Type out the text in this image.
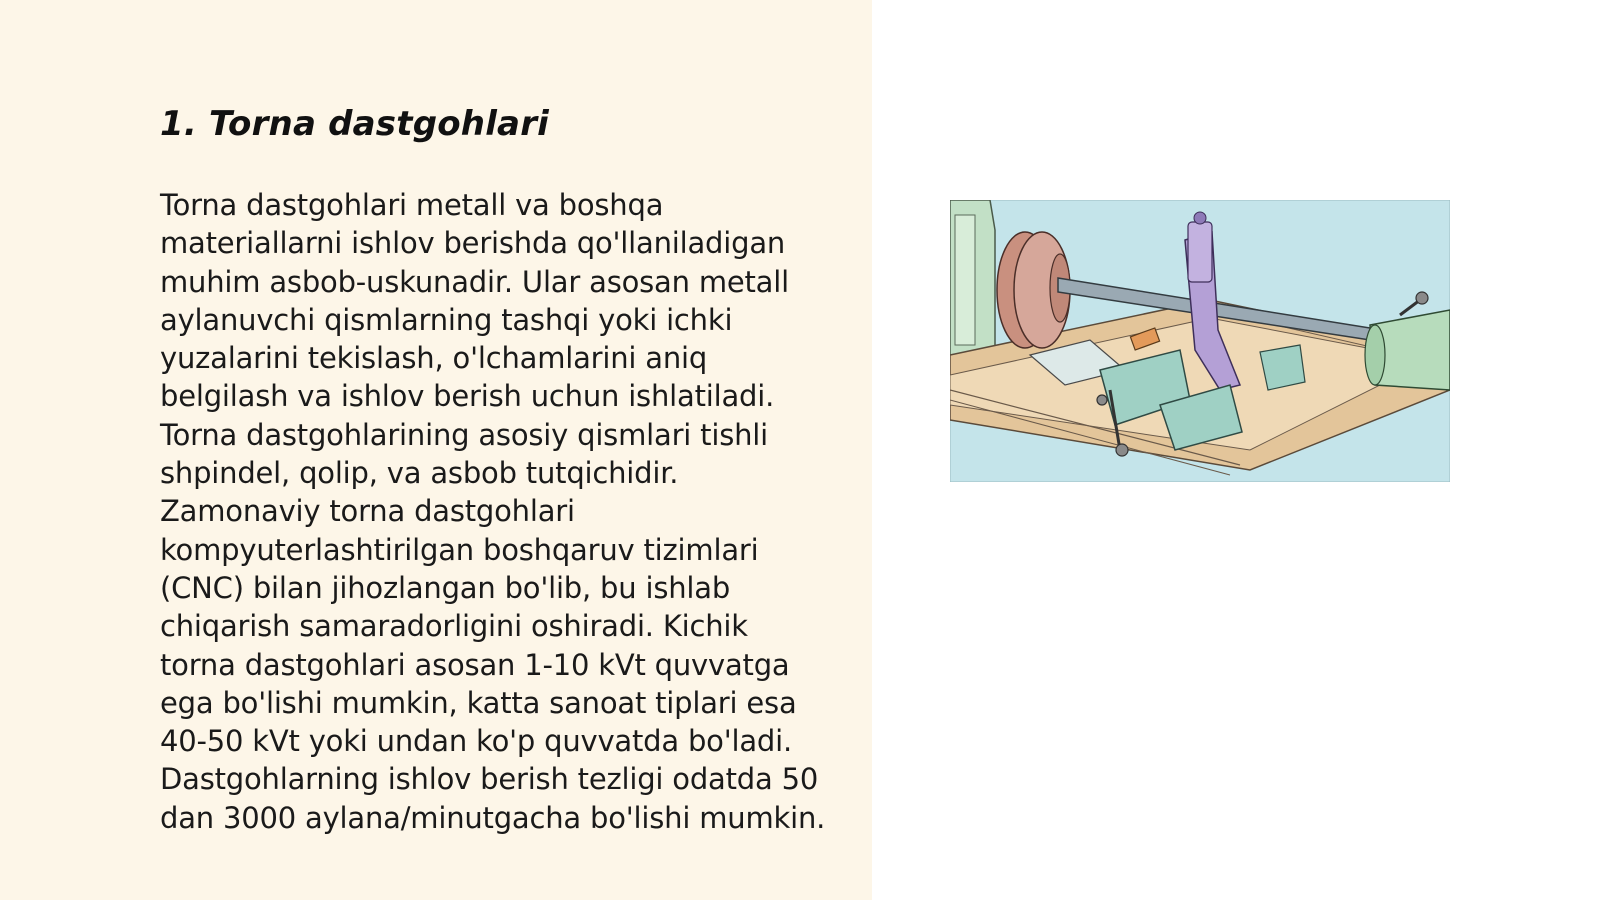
1. Torna dastgohlari

Torna dastgohlari metall va boshqa materiallarni ishlov berishda qo'llaniladigan muhim asbob-uskunadir. Ular asosan metall aylanuvchi qismlarning tashqi yoki ichki yuzalarini tekislash, o'lchamlarini aniq belgilash va ishlov berish uchun ishlatiladi. Torna dastgohlarining asosiy qismlari tishli shpindel, qolip, va asbob tutqichidir. Zamonaviy torna dastgohlari kompyuterlashtirilgan boshqaruv tizimlari (CNC) bilan jihozlangan bo'lib, bu ishlab chiqarish samaradorligini oshiradi. Kichik torna dastgohlari asosan 1-10 kVt quvvatga ega bo'lishi mumkin, katta sanoat tiplari esa 40-50 kVt yoki undan ko'p quvvatda bo'ladi. Dastgohlarning ishlov berish tezligi odatda 50 dan 3000 aylana/minutgacha bo'lishi mumkin.
